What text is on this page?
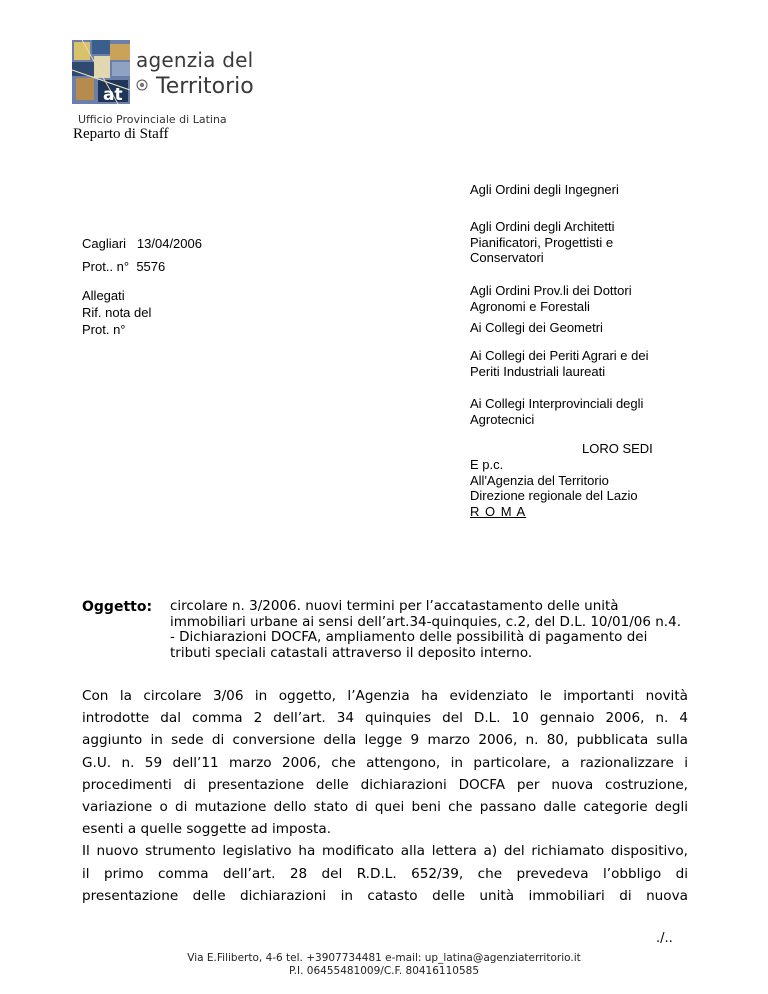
at
agenzia del
Territorio
Ufficio Provinciale di Latina
Reparto di Staff
Agli Ordini degli Ingegneri
Agli Ordini degli Architetti
Pianificatori, Progettisti e
Conservatori
Agli Ordini Prov.li dei Dottori
Agronomi e Forestali
Ai Collegi dei Geometri
Ai Collegi dei Periti Agrari e dei
Periti Industriali laureati
Ai Collegi Interprovinciali degli
Agrotecnici
LORO SEDI
E p.c.
All'Agenzia del Territorio
Direzione regionale del Lazio
R O M A
Cagliari   13/04/2006
Prot.. n°  5576
Allegati
Rif. nota del
Prot. n°
Oggetto: circolare n. 3/2006. nuovi termini per l’accatastamento delle unità immobiliari urbane ai sensi dell’art.34-quinquies, c.2, del D.L. 10/01/06 n.4. - Dichiarazioni DOCFA, ampliamento delle possibilità di pagamento dei tributi speciali catastali attraverso il deposito interno.

Con la circolare 3/06 in oggetto, l’Agenzia ha evidenziato le importanti novità

introdotte dal comma 2 dell’art. 34 quinquies del D.L. 10 gennaio 2006, n. 4

aggiunto in sede di conversione della legge 9 marzo 2006, n. 80, pubblicata sulla

G.U. n. 59 dell’11 marzo 2006, che attengono, in particolare, a razionalizzare i

procedimenti di presentazione delle dichiarazioni DOCFA per nuova costruzione,

variazione o di mutazione dello stato di quei beni che passano dalle categorie degli

esenti a quelle soggette ad imposta.

Il nuovo strumento legislativo ha modificato alla lettera a) del richiamato dispositivo,

il primo comma dell’art. 28 del R.D.L. 652/39, che prevedeva l’obbligo di

presentazione delle dichiarazioni in catasto delle unità immobiliari di nuova

./..
Via E.Filiberto, 4-6 tel. +3907734481 e-mail: up_latina@agenziaterritorio.it
P.I. 06455481009/C.F. 80416110585
